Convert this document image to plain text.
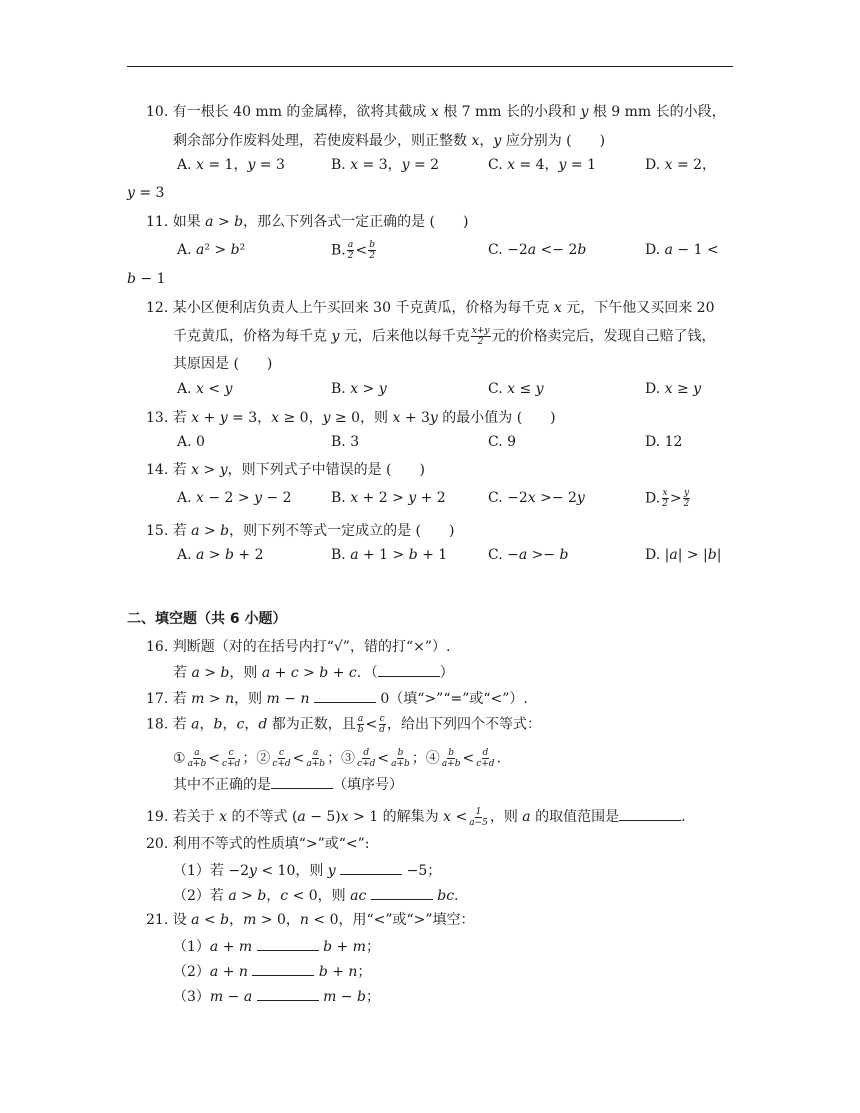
10. 有一根长 40 mm 的金属棒，欲将其截成 𝑥 根 7 mm 长的小段和 𝑦 根 9 mm 长的小段，
剩余部分作废料处理，若使废料最少，则正整数 𝑥，𝑦 应分别为 (　　)
A. 𝑥 = 1，𝑦 = 3	B. 𝑥 = 3，𝑦 = 2	C. 𝑥 = 4，𝑦 = 1	D. 𝑥 = 2，
𝑦 = 3
11. 如果 𝑎 > 𝑏，那么下列各式一定正确的是 (　　)
A. 𝑎² > 𝑏²	B. $\frac{\text{𝑎}}{2} < \frac{\text{𝑏}}{2}$	C. −2𝑎 <− 2𝑏	D. 𝑎 − 1 <
𝑏 − 1
12. 某小区便利店负责人上午买回来 30 千克黄瓜，价格为每千克 𝑥 元，下午他又买回来 20
千克黄瓜，价格为每千克 𝑦 元，后来他以每千克 $\frac{\text{𝑥+𝑦}}{2}$ 元的价格卖完后，发现自己赔了钱，
其原因是 (　　)
A. 𝑥 < 𝑦	B. 𝑥 > 𝑦	C. 𝑥 ≤ 𝑦	D. 𝑥 ≥ 𝑦
13. 若 𝑥 + 𝑦 = 3，𝑥 ≥ 0，𝑦 ≥ 0，则 𝑥 + 3𝑦 的最小值为 (　　)
A. 0	B. 3	C. 9	D. 12
14. 若 𝑥 > 𝑦，则下列式子中错误的是 (　　)
A. 𝑥 − 2 > 𝑦 − 2	B. 𝑥 + 2 > 𝑦 + 2	C. −2𝑥 >− 2𝑦	D. $\frac{\text{𝑥}}{2} > \frac{\text{𝑦}}{2}$
15. 若 𝑎 > 𝑏，则下列不等式一定成立的是 (　　)
A. 𝑎 > 𝑏 + 2	B. 𝑎 + 1 > 𝑏 + 1	C. −𝑎 >− 𝑏	D. |𝑎| > |𝑏|
二、填空题（共 6 小题）
16. 判断题（对的在括号内打“√”，错的打“×”）.
若 𝑎 > 𝑏，则 𝑎 + 𝑐 > 𝑏 + 𝑐．（	）
17. 若 𝑚 > 𝑛，则 𝑚 − 𝑛	0（填“>”“=”或“<”）.
18. 若 𝑎，𝑏，𝑐，𝑑 都为正数，且 $\frac{\text{𝑎}}{\text{𝑏}} < \frac{\text{𝑐}}{\text{𝑑}}$ ，给出下列四个不等式：
① $\frac{\text{𝑎}}{\text{𝑎+𝑏}} < \frac{\text{𝑐}}{\text{𝑐+𝑑}}$ ；② $\frac{\text{𝑐}}{\text{𝑐+𝑑}} < \frac{\text{𝑎}}{\text{𝑎+𝑏}}$ ；③ $\frac{\text{𝑑}}{\text{𝑐+𝑑}} < \frac{\text{𝑏}}{\text{𝑎+𝑏}}$ ；④ $\frac{\text{𝑏}}{\text{𝑎+𝑏}} < \frac{\text{𝑑}}{\text{𝑐+𝑑}}$ .
其中不正确的是	（填序号）
19. 若关于 𝑥 的不等式 (𝑎 − 5)𝑥 > 1 的解集为 𝑥 < $\frac{1}{\text{𝑎−5}}$ ，则 𝑎 的取值范围是	.
20. 利用不等式的性质填“>”或“<”:
（1）若 −2𝑦 < 10，则 𝑦	−5；
（2）若 𝑎 > 𝑏，𝑐 < 0，则 𝑎𝑐	𝑏𝑐.
21. 设 𝑎 < 𝑏，𝑚 > 0，𝑛 < 0，用“<”或“>”填空：
（1）𝑎 + 𝑚	𝑏 + 𝑚；
（2）𝑎 + 𝑛	𝑏 + 𝑛；
（3）𝑚 − 𝑎	𝑚 − 𝑏；
